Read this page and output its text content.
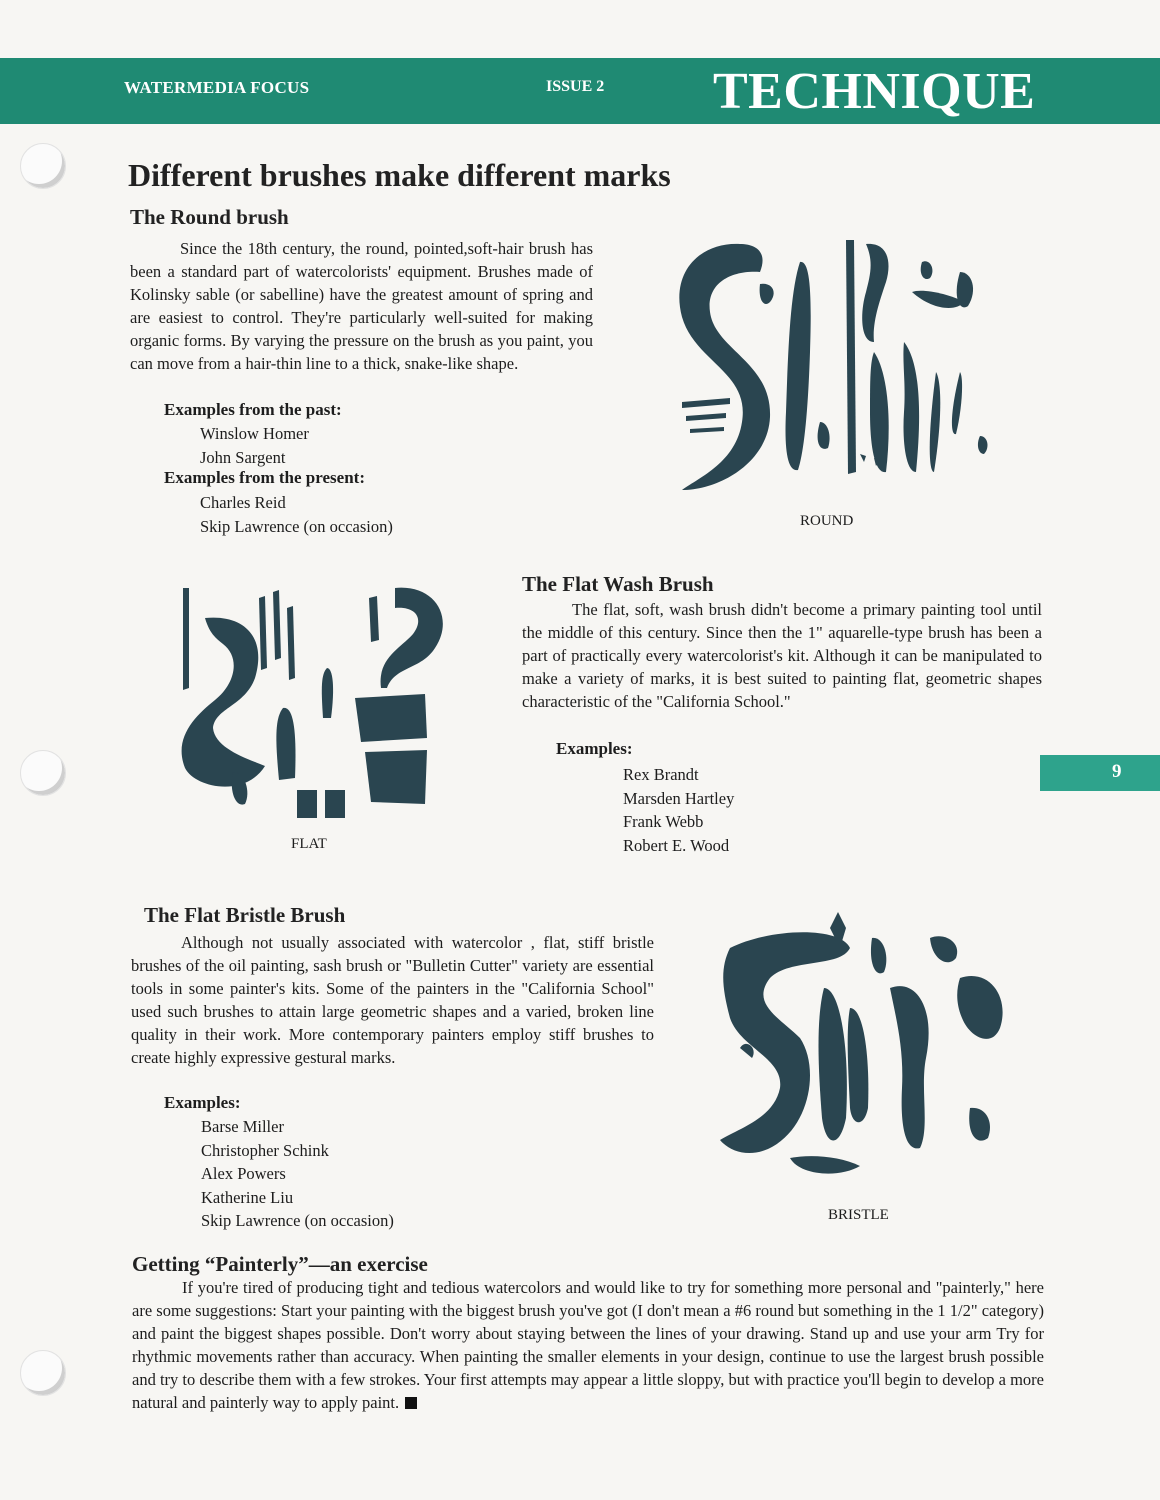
WATERMEDIA FOCUS	ISSUE 2 TECHNIQUE
9
Different brushes make different marks
The Round brush

Since the 18th century, the round, pointed,soft-hair brush has been a standard part of watercolorists' equipment. Brushes made of Kolinsky sable (or sabelline) have the greatest amount of spring and are easiest to control. They're particularly well-suited for making organic forms. By varying the pressure on the brush as you paint, you can move from a hair-thin line to a thick, snake-like shape.

Examples from the past:
Winslow Homer
John Sargent
Examples from the present:
Charles Reid
Skip Lawrence (on occasion)	ROUND
FLAT
The Flat Wash Brush

The flat, soft, wash brush didn't become a primary painting tool until the middle of this century. Since then the 1" aquarelle-type brush has been a part of practically every watercolorist's kit. Although it can be manipulated to make a variety of marks, it is best suited to painting flat, geometric shapes characteristic of the "California School."

Examples:
Rex Brandt
Marsden Hartley
Frank Webb
Robert E. Wood
The Flat Bristle Brush

Although not usually associated with watercolor , flat, stiff bristle brushes of the oil painting, sash brush or "Bulletin Cutter" variety are essential tools in some painter's kits. Some of the painters in the "California School" used such brushes to attain large geometric shapes and a varied, broken line quality in their work. More contemporary painters employ stiff brushes to create highly expressive gestural marks.

Examples:
Barse Miller
Christopher Schink
Alex Powers
Katherine Liu
Skip Lawrence (on occasion)	BRISTLE
Getting “Painterly”—an exercise

If you're tired of producing tight and tedious watercolors and would like to try for something more personal and "painterly," here are some suggestions: Start your painting with the biggest brush you've got (I don't mean a #6 round but something in the 1 1/2" category) and paint the biggest shapes possible. Don't worry about staying between the lines of your drawing. Stand up and use your arm Try for rhythmic movements rather than accuracy. When painting the smaller elements in your design, continue to use the largest brush possible and try to describe them with a few strokes. Your first attempts may appear a little sloppy, but with practice you'll begin to develop a more natural and painterly way to apply paint.
